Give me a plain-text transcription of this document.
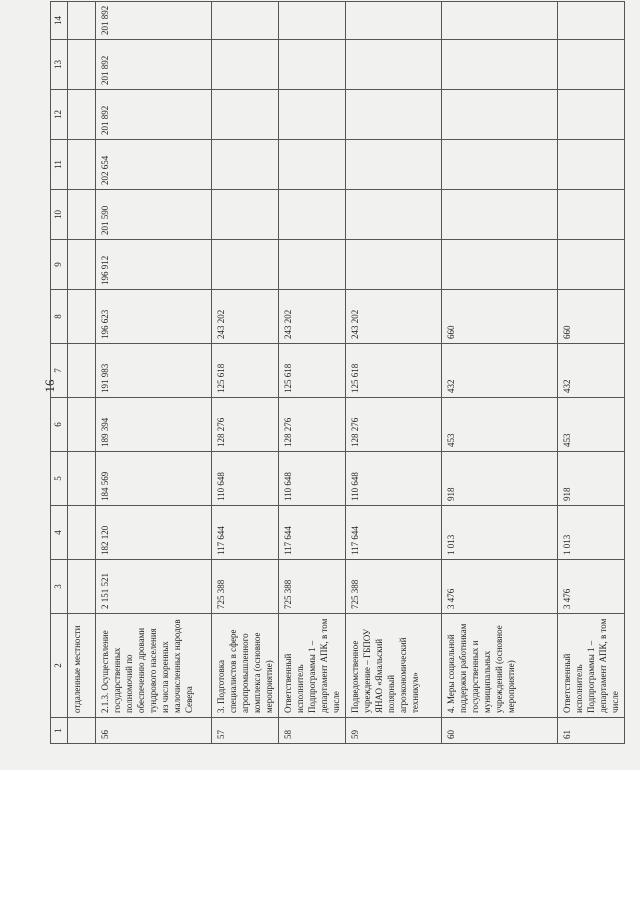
16
1	2	3	4	5	6	7	8	9	10	11	12	13	14
	отдаленные местности												
56	2.1.3. Осуществление государственных полномочий по обеспечению дровами тундрового населения из числа коренных малочисленных народов Севера	2 151 521	182 120	184 569	189 394	191 983	196 623	196 912	201 590	202 654	201 892	201 892	201 892
57	3. Подготовка специалистов в сфере агропромышленного комплекса (основное мероприятие)	725 388	117 644	110 648	128 276	125 618	243 202						
58	Ответственный исполнитель Подпрограммы 1 – департамент АПК, в том числе	725 388	117 644	110 648	128 276	125 618	243 202						
59	Подведомственное учреждение – ГБПОУ ЯНАО «Ямальский полярный агроэкономический техникум»	725 388	117 644	110 648	128 276	125 618	243 202						
60	4. Меры социальной поддержки работникам государственных и муниципальных учреждений (основное мероприятие)	3 476	1 013	918	453	432	660						
61	Ответственный исполнитель Подпрограммы 1 – департамент АПК, в том числе	3 476	1 013	918	453	432	660						
